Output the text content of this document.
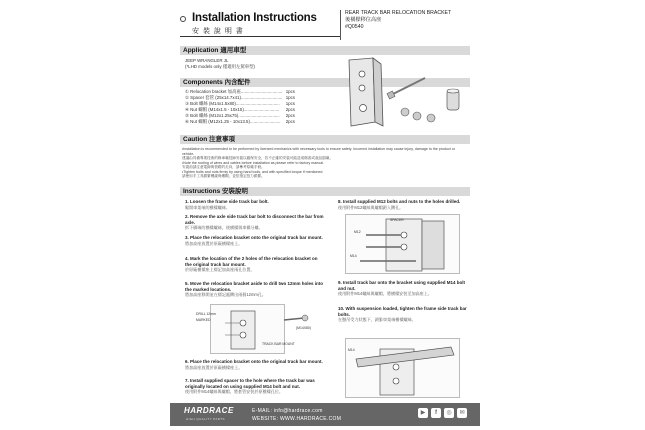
Installation Instructions
安 裝 說 明 書
REAR TRACK BAR RELOCATION BRACKET
後橫樑移位高座
#Q0540
Application 適用車型
JEEP WRANGLER JL
(*LHD models only 僅適用左駕車型)
Components 內含配件
① Relocation bracket 加高座.................................. 1pcs
② Spacer 套管 (25x14.7x41).................................. 1pcs
③ Bolt 螺絲 (M14x1.5x80).................................... 1pcs
④ Nut 螺帽 (M14x1.5 - 10x15)............................. 2pcs
⑤ Bolt 螺絲 (M12x1.25x75).................................. 2pcs
⑥ Nut 螺帽 (M12x1.25 - 10x13.5)......................... 2pcs
Caution 注意事項
•Installation is recommended to be performed by licensed mechanics with necessary tools to ensure safety. Incorrect installation may cause injury, damage to the product or vehicle.
建議由具備專業技術的修車廠技師安裝以確保安全，若不正確的安裝可能造成傷害或產品損壞。
•Note the routing of wires and cables before installation as please refer to factory manual.
安裝前請注意電線與管路的走向，請參考原廠手冊。
•Tighten bolts and nuts firmly by using hand tools, and with specified torque if mentioned.
請使用手工具鎖緊螺絲與螺帽，並依指定扭力鎖緊。
Instructions 安裝說明
1. Loosen the frame side track bar bolt.
鬆開車架端的橫樑螺絲。
2. Remove the axle side track bar bolt to disconnect the bar from axle.
拆下橋端的橫樑螺絲，使橫樑與車橋分離。
3. Place the relocation bracket onto the original track bar mount.
將加高座放置於原廠橫樑座上。
4. Mark the location of the 2 holes of the relocation bracket on the original track bar mount.
於原廠橫樑座上標記加高座兩孔位置。
5. Move the relocation bracket aside to drill two 12mm holes into the marked locations.
將加高座移開並在標記處鑽出兩個12mm孔。
DRILL 12mm
MARKED
(M14X80)
TRACK BAR MOUNT
6. Place the relocation bracket onto the original track bar mount.
將加高座放置於原廠橫樑座上。
7. Install supplied spacer to the hole where the track bar was originally located on using supplied M14 bolt and nut.
使用附件M14螺絲與螺帽，將套管安裝於原橫樑孔位。
8. Install supplied M12 bolts and nuts to the holes drilled.
使用附件M12螺絲與螺帽鎖入鑽孔。
SPACER
M12
M14
9. Install track bar onto the bracket using supplied M14 bolt and nut.
使用附件M14螺絲與螺帽，將橫樑安裝至加高座上。
10. With suspension loaded, tighten the frame side track bar bolts.
在懸吊受力狀態下，鎖緊車架端橫樑螺絲。
M14
HARDRACE
HIGH QUALITY PARTS
E-MAIL: info@hardrace.com
WEBSITE: WWW.HARDRACE.COM
▶	f	◎	✉
